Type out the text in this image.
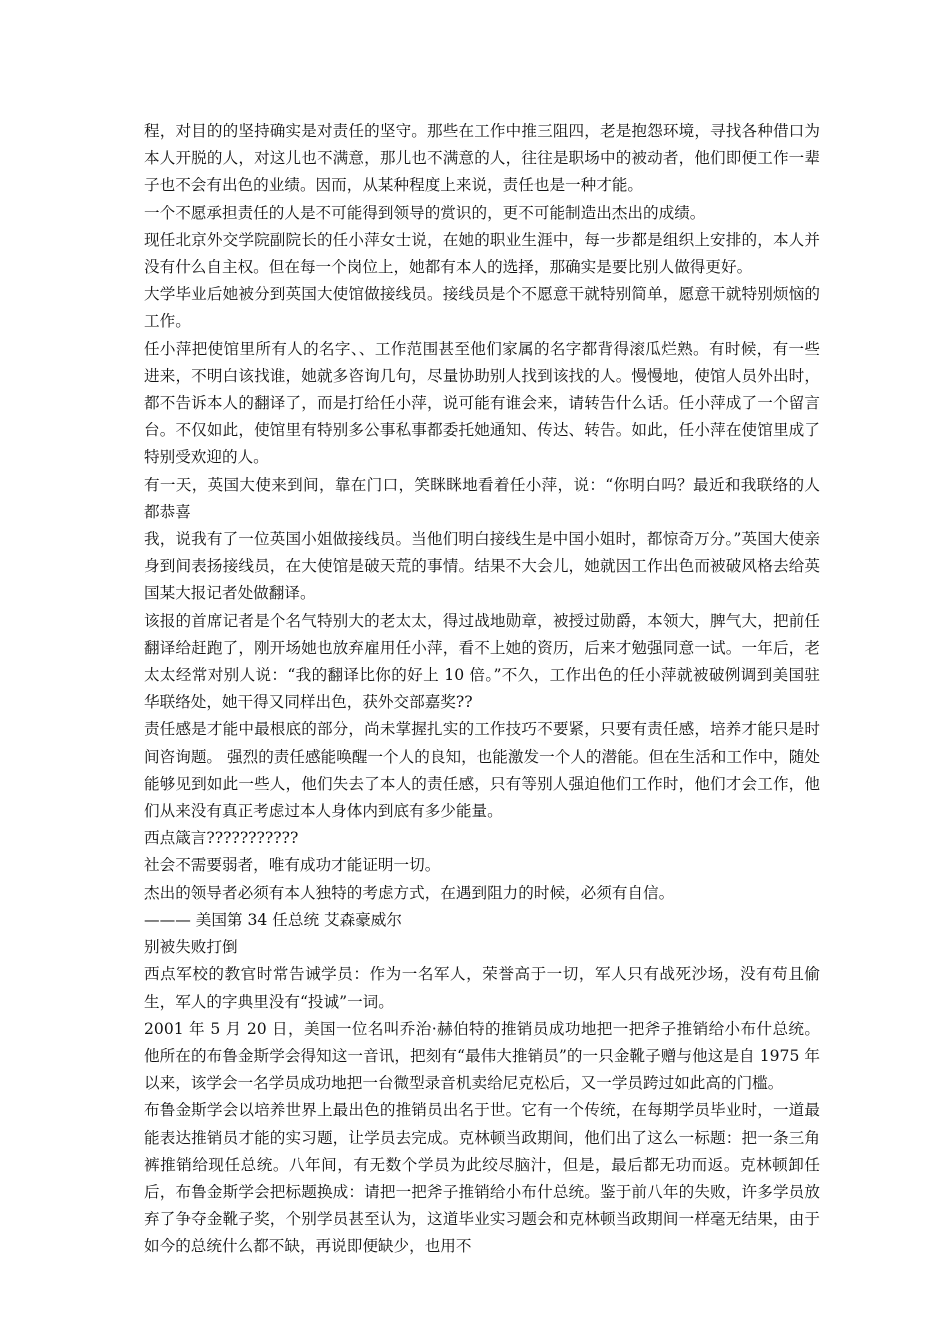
程，对目的的坚持确实是对责任的坚守。那些在工作中推三阻四，老是抱怨环境，寻找各种借口为本人开脱的人，对这儿也不满意，那儿也不满意的人，往往是职场中的被动者，他们即便工作一辈子也不会有出色的业绩。因而，从某种程度上来说，责任也是一种才能。

一个不愿承担责任的人是不可能得到领导的赏识的，更不可能制造出杰出的成绩。

现任北京外交学院副院长的任小萍女士说，在她的职业生涯中，每一步都是组织上安排的，本人并没有什么自主权。但在每一个岗位上，她都有本人的选择，那确实是要比别人做得更好。

大学毕业后她被分到英国大使馆做接线员。接线员是个不愿意干就特别简单，愿意干就特别烦恼的工作。

任小萍把使馆里所有人的名字、、工作范围甚至他们家属的名字都背得滚瓜烂熟。有时候，有一些进来，不明白该找谁，她就多咨询几句，尽量协助别人找到该找的人。慢慢地，使馆人员外出时，都不告诉本人的翻译了，而是打给任小萍，说可能有谁会来，请转告什么话。任小萍成了一个留言台。不仅如此，使馆里有特别多公事私事都委托她通知、传达、转告。如此，任小萍在使馆里成了特别受欢迎的人。

有一天，英国大使来到间，靠在门口，笑眯眯地看着任小萍，说：“你明白吗？最近和我联络的人都恭喜

我，说我有了一位英国小姐做接线员。当他们明白接线生是中国小姐时，都惊奇万分。”英国大使亲身到间表扬接线员，在大使馆是破天荒的事情。结果不大会儿，她就因工作出色而被破风格去给英国某大报记者处做翻译。

该报的首席记者是个名气特别大的老太太，得过战地勋章，被授过勋爵，本领大，脾气大，把前任翻译给赶跑了，刚开场她也放弃雇用任小萍，看不上她的资历，后来才勉强同意一试。一年后，老太太经常对别人说：“我的翻译比你的好上 10 倍。”不久，工作出色的任小萍就被破例调到美国驻华联络处，她干得又同样出色，获外交部嘉奖??

责任感是才能中最根底的部分，尚未掌握扎实的工作技巧不要紧，只要有责任感，培养才能只是时间咨询题。 强烈的责任感能唤醒一个人的良知，也能激发一个人的潜能。但在生活和工作中，随处能够见到如此一些人，他们失去了本人的责任感，只有等别人强迫他们工作时，他们才会工作，他们从来没有真正考虑过本人身体内到底有多少能量。

西点箴言???????????

社会不需要弱者，唯有成功才能证明一切。

杰出的领导者必须有本人独特的考虑方式，在遇到阻力的时候，必须有自信。

——— 美国第 34 任总统 艾森豪威尔

别被失败打倒

西点军校的教官时常告诫学员：作为一名军人，荣誉高于一切，军人只有战死沙场，没有苟且偷生，军人的字典里没有“投诚”一词。

2001 年 5 月 20 日，美国一位名叫乔治·赫伯特的推销员成功地把一把斧子推销给小布什总统。他所在的布鲁金斯学会得知这一音讯，把刻有“最伟大推销员”的一只金靴子赠与他这是自 1975 年以来，该学会一名学员成功地把一台微型录音机卖给尼克松后，又一学员跨过如此高的门槛。

布鲁金斯学会以培养世界上最出色的推销员出名于世。它有一个传统，在每期学员毕业时，一道最能表达推销员才能的实习题，让学员去完成。克林顿当政期间，他们出了这么一标题：把一条三角裤推销给现任总统。八年间，有无数个学员为此绞尽脑汁，但是，最后都无功而返。克林顿卸任后，布鲁金斯学会把标题换成：请把一把斧子推销给小布什总统。鉴于前八年的失败，许多学员放弃了争夺金靴子奖，个别学员甚至认为，这道毕业实习题会和克林顿当政期间一样毫无结果，由于如今的总统什么都不缺，再说即便缺少，也用不
